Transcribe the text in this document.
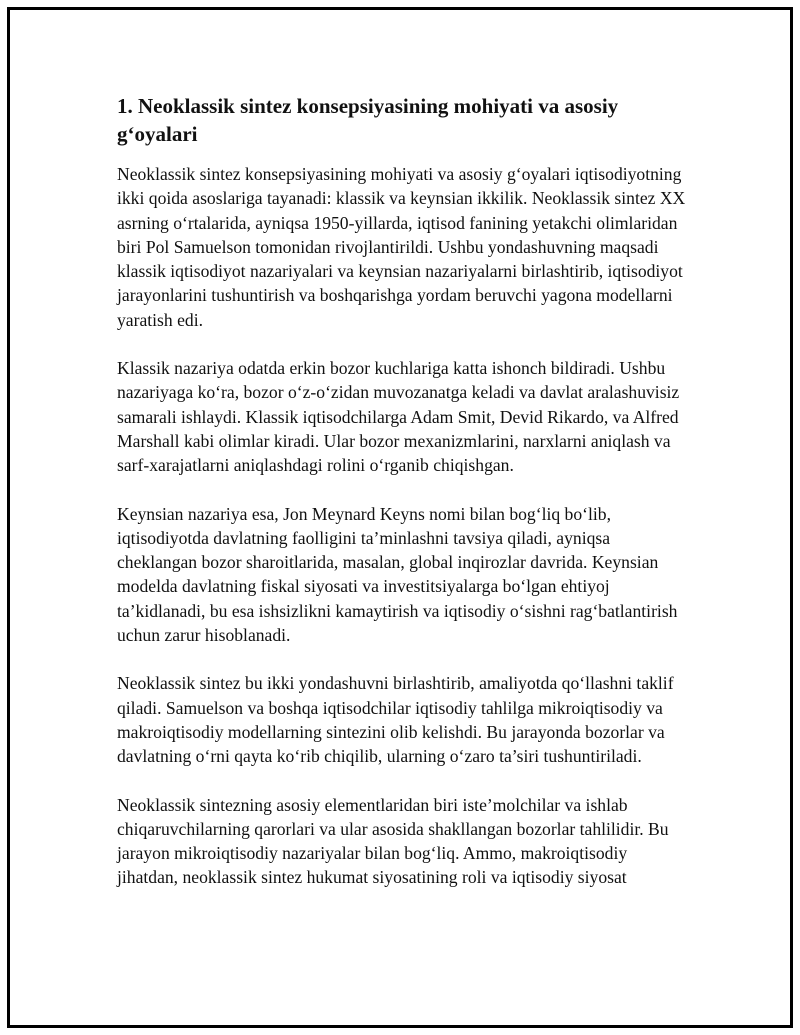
1. Neoklassik sintez konsepsiyasining mohiyati va asosiy g‘oyalari

Neoklassik sintez konsepsiyasining mohiyati va asosiy g‘oyalari iqtisodiyotning ikki qoida asoslariga tayanadi: klassik va keynsian ikkilik. Neoklassik sintez XX asrning o‘rtalarida, ayniqsa 1950-yillarda, iqtisod fanining yetakchi olimlaridan biri Pol Samuelson tomonidan rivojlantirildi. Ushbu yondashuvning maqsadi klassik iqtisodiyot nazariyalari va keynsian nazariyalarni birlashtirib, iqtisodiyot jarayonlarini tushuntirish va boshqarishga yordam beruvchi yagona modellarni yaratish edi.

Klassik nazariya odatda erkin bozor kuchlariga katta ishonch bildiradi. Ushbu nazariyaga ko‘ra, bozor o‘z-o‘zidan muvozanatga keladi va davlat aralashuvisiz samarali ishlaydi. Klassik iqtisodchilarga Adam Smit, Devid Rikardo, va Alfred Marshall kabi olimlar kiradi. Ular bozor mexanizmlarini, narxlarni aniqlash va sarf-xarajatlarni aniqlashdagi rolini o‘rganib chiqishgan.

Keynsian nazariya esa, Jon Meynard Keyns nomi bilan bog‘liq bo‘lib, iqtisodiyotda davlatning faolligini ta’minlashni tavsiya qiladi, ayniqsa cheklangan bozor sharoitlarida, masalan, global inqirozlar davrida. Keynsian modelda davlatning fiskal siyosati va investitsiyalarga bo‘lgan ehtiyoj ta’kidlanadi, bu esa ishsizlikni kamaytirish va iqtisodiy o‘sishni rag‘batlantirish uchun zarur hisoblanadi.

Neoklassik sintez bu ikki yondashuvni birlashtirib, amaliyotda qo‘llashni taklif qiladi. Samuelson va boshqa iqtisodchilar iqtisodiy tahlilga mikroiqtisodiy va makroiqtisodiy modellarning sintezini olib kelishdi. Bu jarayonda bozorlar va davlatning o‘rni qayta ko‘rib chiqilib, ularning o‘zaro ta’siri tushuntiriladi.

Neoklassik sintezning asosiy elementlaridan biri iste’molchilar va ishlab chiqaruvchilarning qarorlari va ular asosida shakllangan bozorlar tahlilidir. Bu jarayon mikroiqtisodiy nazariyalar bilan bog‘liq. Ammo, makroiqtisodiy jihatdan, neoklassik sintez hukumat siyosatining roli va iqtisodiy siyosat
